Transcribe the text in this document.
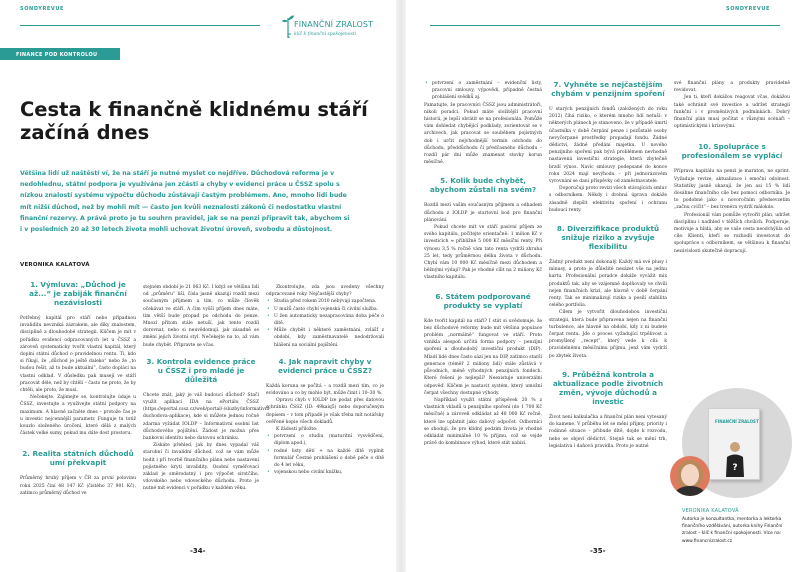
SONDYREVUE
FINANČNÍ ZRALOST
klíč k finanční spokojenosti
FINANCE POD KONTROLOU
Cesta k finančně klidnému stáří začíná dnes

Většina lidí už naštěstí ví, že na stáří je nutné myslet co nejdříve. Důchodová reforma je v nedohlednu, státní podpora je využívána jen zčásti a chyby v evidenci práce u ČSSZ spolu s nízkou znalostí systému výpočtu důchodu zůstávají častým problémem. Ano, mnoho lidí bude mít nižší důchod, než by mohli mít — často jen kvůli neznalosti zákonů či nedostatku vlastní finanční rezervy. A právě proto je tu souhrn pravidel, jak se na penzi připravit tak, abychom si i v posledních 20 až 30 letech života mohli uchovat životní úroveň, svobodu a důstojnost.

VERONIKA KALATOVÁ
1. Výmluva: „Důchod je až...“ je zabiják finanční nezávislosti

Potřebný kapitál pro stáří nebo případnou invaliditu nevzniká zázrakem, ale díky znalostem, disciplíně a dlouhodobé strategii. Klíčem je mít v pořádku evidenci odpracovaných let u ČSSZ a zároveň systematicky tvořit vlastní kapitál, který doplní státní důchod o pravidelnou rentu. Ti, kdo si říkají, že „důchod je ještě daleko“ nebo že „to budou řešit, až to bude aktuální“, často doplácí na vlastní odklad. V důsledku pak musejí ve stáří pracovat déle, než by chtěli – často ne proto, že by chtěli, ale proto, že musí.

Nečekejte. Zajímejte se, kontrolujte údaje u ČSSZ, investujte a využívejte státní podpory na maximum. A hlavně začněte dnes – protože čas je u investic nejcennější parametr. Funguje tu totiž kouzlo složeného úročení, které dělá z malých částek velké sumy, pokud mu dáte dost prostoru.

2. Realita státních důchodů umí překvapit

Průměrný hrubý příjem v ČR za první polovinu roku 2025 činí 48 147 Kč (čistého 37 901 Kč), zatímco průměrný důchod ve

stejném období je 21 063 Kč. I když se většina lidí od „průměru“ liší, čísla jasně ukazují rozdíl mezi současným příjmem a tím, co může člověk očekávat ve stáří. A čím vyšší příjem dnes máte, tím větší bude propad po odchodu do penze. Mnozí přitom stále netuší, jak tento rozdíl dorovnat, nebo si neuvědomují, jak zásadně se změní jejich životní styl. Nečekejte na to, až vám bude chybět. Připravte se včas.

3. Kontrola evidence práce u ČSSZ i pro mladé je důležitá

Chcete znát, jaký je váš budoucí důchod? Stačí využít aplikaci IDA na ePortálu ČSSZ (https://eportal.cssz.cz/web/portal/-/sluzby/informativni-duchodova-aplikace), kde si můžete jednou ročně zdarma vyžádat IOLDP – Informativní osobní list důchodového pojištění. Žádost je možná přes bankovní identitu nebo datovou schránku.

Získáte přehled, jak by dnes vypadal váš starobní či invalidní důchod, což se vám může hodit i při tvorbě finančního plánu nebo nastavení pojistného krytí invalidity. Osobní vyměřovací základ je směrodatný i pro výpočet sirotčího, vdovského nebo vdoveckého důchodu. Proto je nutné mít evidenci v pořádku v každém věku.

Zkontrolujte, zda jsou uvedeny všechny odpracované roky. Nejčastější chyby?

• Studia před rokem 2010 nebývají započtena.
• U mužů často chybí vojenská či civilní služba.
• U žen automaticky nezapracována doba péče o dítě.
• Může chybět i některé zaměstnání, zvlášť z období, kdy zaměstnavatelé nedodržovali hlášení na sociální pojištění.
4. Jak napravit chyby v evidenci práce u ČSSZ?

Každá koruna se počítá – a rozdíl mezi tím, co je evidováno a co by mohlo být, může činit i 10–30 %.

Opravu chyb v IOLDP lze podat přes datovou schránku ČSSZ (ID: 49kaiq5) nebo doporučeným dopisem – v tom případě je však třeba mít notářsky ověřené kopie všech dokladů.

K žádosti přiložte:

• potvrzení o studiu (maturitní vysvědčení, diplom apod.),
• rodné listy dětí + na každé dítě vyplnit formulář Čestné prohlášení o době péče o dítě do 4 let věku,
• vojenskou nebo civilní knížku,
-34-
SONDYREVUE
• potvrzení o zaměstnání – evidenční listy, pracovní smlouvy, výpovědi, případně čestná prohlášení svědků aj.

Pamatujte, že pracovníci ČSSZ jsou administrátoři, nikoli poradci. Pokud máte složitější pracovní historii, je lepší obrátit se na profesionála. Pomůže vám dohledat chybějící podklady, zorientovat se v archivech, jak pracovat se souběhem pojistných dob i určit nejvhodnější termín odchodu do důchodu, předdůchodu či předčasného důchodu – rozdíl pár dní může znamenat stovky korun měsíčně.

5. Kolik bude chybět, abychom zůstali na svém?

Rozdíl mezi vaším současným příjmem a odhadem důchodu z IOLDP je startovní bod pro finanční plánování.

Pokud chcete mít ve stáří pasivní příjem ze svého kapitálu, počítejte orientačně: 1 milion Kč v investicích ≈ přibližně 5 000 Kč měsíční renty. Při výnosu 3,5 % ročně vám tato renta vydrží zhruba 25 let, tedy průměrnou délku života v důchodu. Chybí vám 10 000 Kč měsíčně mezi důchodem a běžnými výdaji? Pak je vhodné cílit na 2 miliony Kč vlastního kapitálu.

6. Státem podporované produkty se vyplatí

Kde tvořit kapitál na stáří? I stát si uvědomuje, že bez důchodové reformy bude mít většina populace problém „normálně“ fungovat ve stáří. Proto vznikla alespoň určitá forma podpory – penzijní spoření a dlouhodobý investiční produkt (DIP). Mladí lidé dnes často sází jen na DIP, zatímco starší generace (téměř 2 miliony lidí) stále zůstává v původních, méně výhodných penzijních fondech. Které řešení je nejlepší? Neexistuje univerzální odpověď. Klíčem je nastavit systém, který umožní čerpat všechny dostupné výhody.

Například využít státní příspěvek 20 % z vlastních vkladů u penzijního spoření (do 1 700 Kč měsíčně) a zároveň odkládat až 48 000 Kč ročně, které lze uplatnit jako daňový odpočet. Odborníci se shodují, že pro klidný podzim života je vhodné odkládat minimálně 10 % příjmu, což se vejde právě do kombinace výhod, které stát nabízí.

7. Vyhněte se nejčastějším chybám v penzijním spoření

U starých penzijních fondů (založených do roku 2012) číhá riziko, o kterém mnoho lidí netuší: v některých plánech je stanoveno, že v případě úmrtí účastníka v době čerpání penze i pozůstalé osoby nevyčerpané prostředky propadají fondu. Žádné dědictví, žádné předání majetku. U nového penzijního spoření pak bývá problémem nevhodně nastavená investiční strategie, která zbytečně brzdí výnos. Navíc smlouvy podepsané do konce roku 2024 mají nevýhodu – při jednorázovém vyrovnání se daní příspěvky od zaměstnavatele.

Doporučuji proto revizi všech stávajících smluv s odborníkem. Někdy i drobná úprava dokáže zásadně zlepšit efektivitu spoření i ochranu budoucí renty.

8. Diverzifikace produktů snižuje riziko a zvyšuje flexibilitu

Žádný produkt není dokonalý. Každý má své plusy i minusy, a proto je důležité nesázet vše na jednu kartu. Profesionální poradce dokáže vyvážit mix produktů tak, aby se vzájemně doplňovaly ve chvíli nejen finančních krizí, ale hlavně v době čerpání renty. Tak se minimalizují rizika a posílí stabilita celého portfolia.

Cílem je vytvořit dlouhodobou investiční strategii, která bude připravena nejen na finanční turbulence, ale hlavně na období, kdy z ní budete čerpat rentu. Jde o proces vyžadující trpělivost a promyšlený „recept“, který vede k cíli: k pravidelnému měsíčnímu příjmu, jenž vám vydrží po zbytek života.

9. Průběžná kontrola a aktualizace podle životních změn, vývoje důchodů a investic

Život není kalkulačka a finanční plán není vytesaný do kamene. V průběhu let se mění příjmy, priority i rodinné situace – přibude dítě, dojde k rozvodu, nebo se objeví dědictví. Stejně tak se mění trh, legislativa i daňová pravidla. Proto je nutné

své finanční plány a produkty pravidelně revidovat.

Jen ti, kteří dokážou reagovat včas, dokážou také ochránit své investice a udržet strategii funkční i v proměnlivých podmínkách. Dobrý finanční plán musí počítat s různými scénáři – optimistickými i krizovými.

10. Spolupráce s profesionálem se vyplácí

Příprava kapitálu na penzi je maraton, ne sprint. Vyžaduje revize, aktualizace i emoční odolnost. Statistiky jasně ukazují, že jen asi 15 % lidí dosáhne finančního cíle bez pomoci odborníka. Je to podobné jako s novoročním předsevzetím „začnu cvičit“ – bez trenéra vydrží málokdo.

Profesionál vám pomůže vytvořit plán, udržet disciplínu i nadhled v těžších chvílích. Podporuje, motivuje a hlídá, aby se vaše cesta neodchýlila od cíle. Klienti, kteří se rozhodli investovat do spolupráce s odborníkem, se většinou k finanční nezávislosti skutečně dopracují.

FINANČNÍ ZRALOST
?
VERONIKA KALATOVÁ
Autorka je konzultantka, mentorka a lektorka finančního vzdělávání, autorka knihy Finanční zralost – klíč k finanční spokojenosti. Více na: www.financnizralost.cz
-35-
